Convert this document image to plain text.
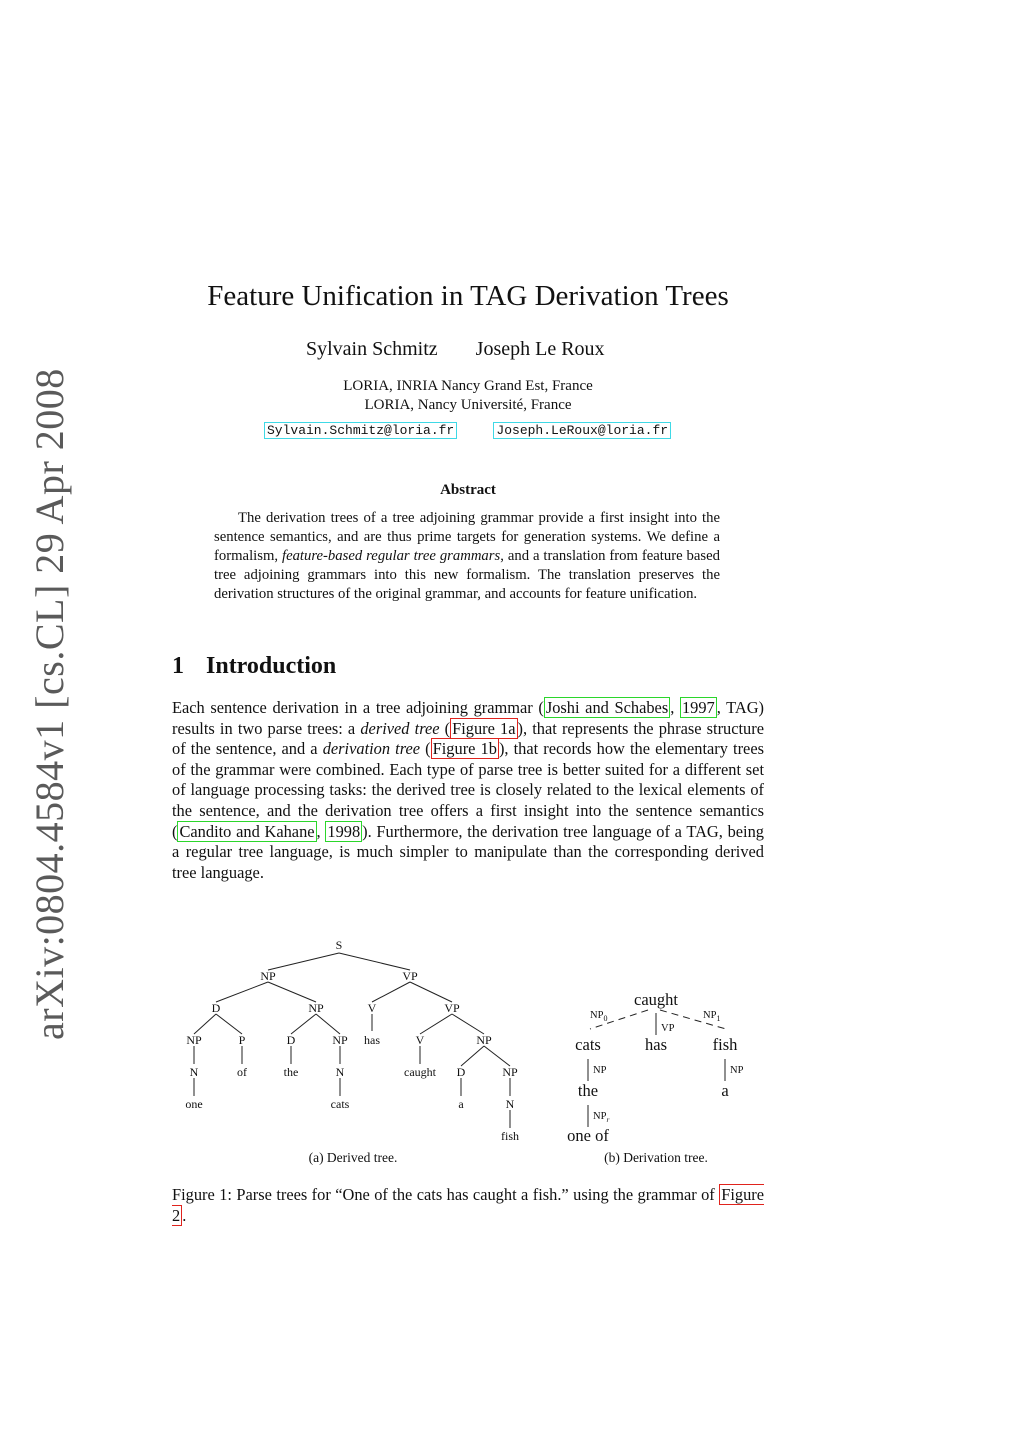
arXiv:0804.4584v1 [cs.CL] 29 Apr 2008
Feature Unification in TAG Derivation Trees
Sylvain Schmitz Joseph Le Roux
LORIA, INRIA Nancy Grand Est, France
LORIA, Nancy Université, France
Sylvain.Schmitz@loria.fr	Joseph.LeRoux@loria.fr
Abstract

The derivation trees of a tree adjoining grammar provide a first insight into the sentence semantics, and are thus prime targets for generation systems. We define a formalism, feature-based regular tree grammars, and a translation from feature based tree adjoining grammars into this new formalism. The translation preserves the derivation structures of the original grammar, and accounts for feature unification.

1 Introduction

Each sentence derivation in a tree adjoining grammar ( Joshi and Schabes , 1997 , TAG) results in two parse trees: a derived tree ( Figure 1a ), that represents the phrase structure of the sentence, and a derivation tree ( Figure 1b ), that records how the elementary trees of the grammar were combined. Each type of parse tree is better suited for a different set of language processing tasks: the derived tree is closely related to the lexical elements of the sentence, and the derivation tree offers a first insight into the sentence semantics ( Candito and Kahane , 1998 ). Furthermore, the derivation tree language of a TAG, being a regular tree language, is much simpler to manipulate than the corresponding derived tree language.

S
NP	VP
D	NP	V	VP
NP	P	D	NP has	V	NP
N	of	the	N	caught D	NP
one	cats	a	N
fish
(a) Derived tree.
caught
cats	has	fish
the
one of
a
$NP_0$
VP
$NP_1$
NP
$NP_r$
NP
(b) Derivation tree.

Figure 1: Parse trees for “One of the cats has caught a fish.” using the grammar of Figure 2 .
